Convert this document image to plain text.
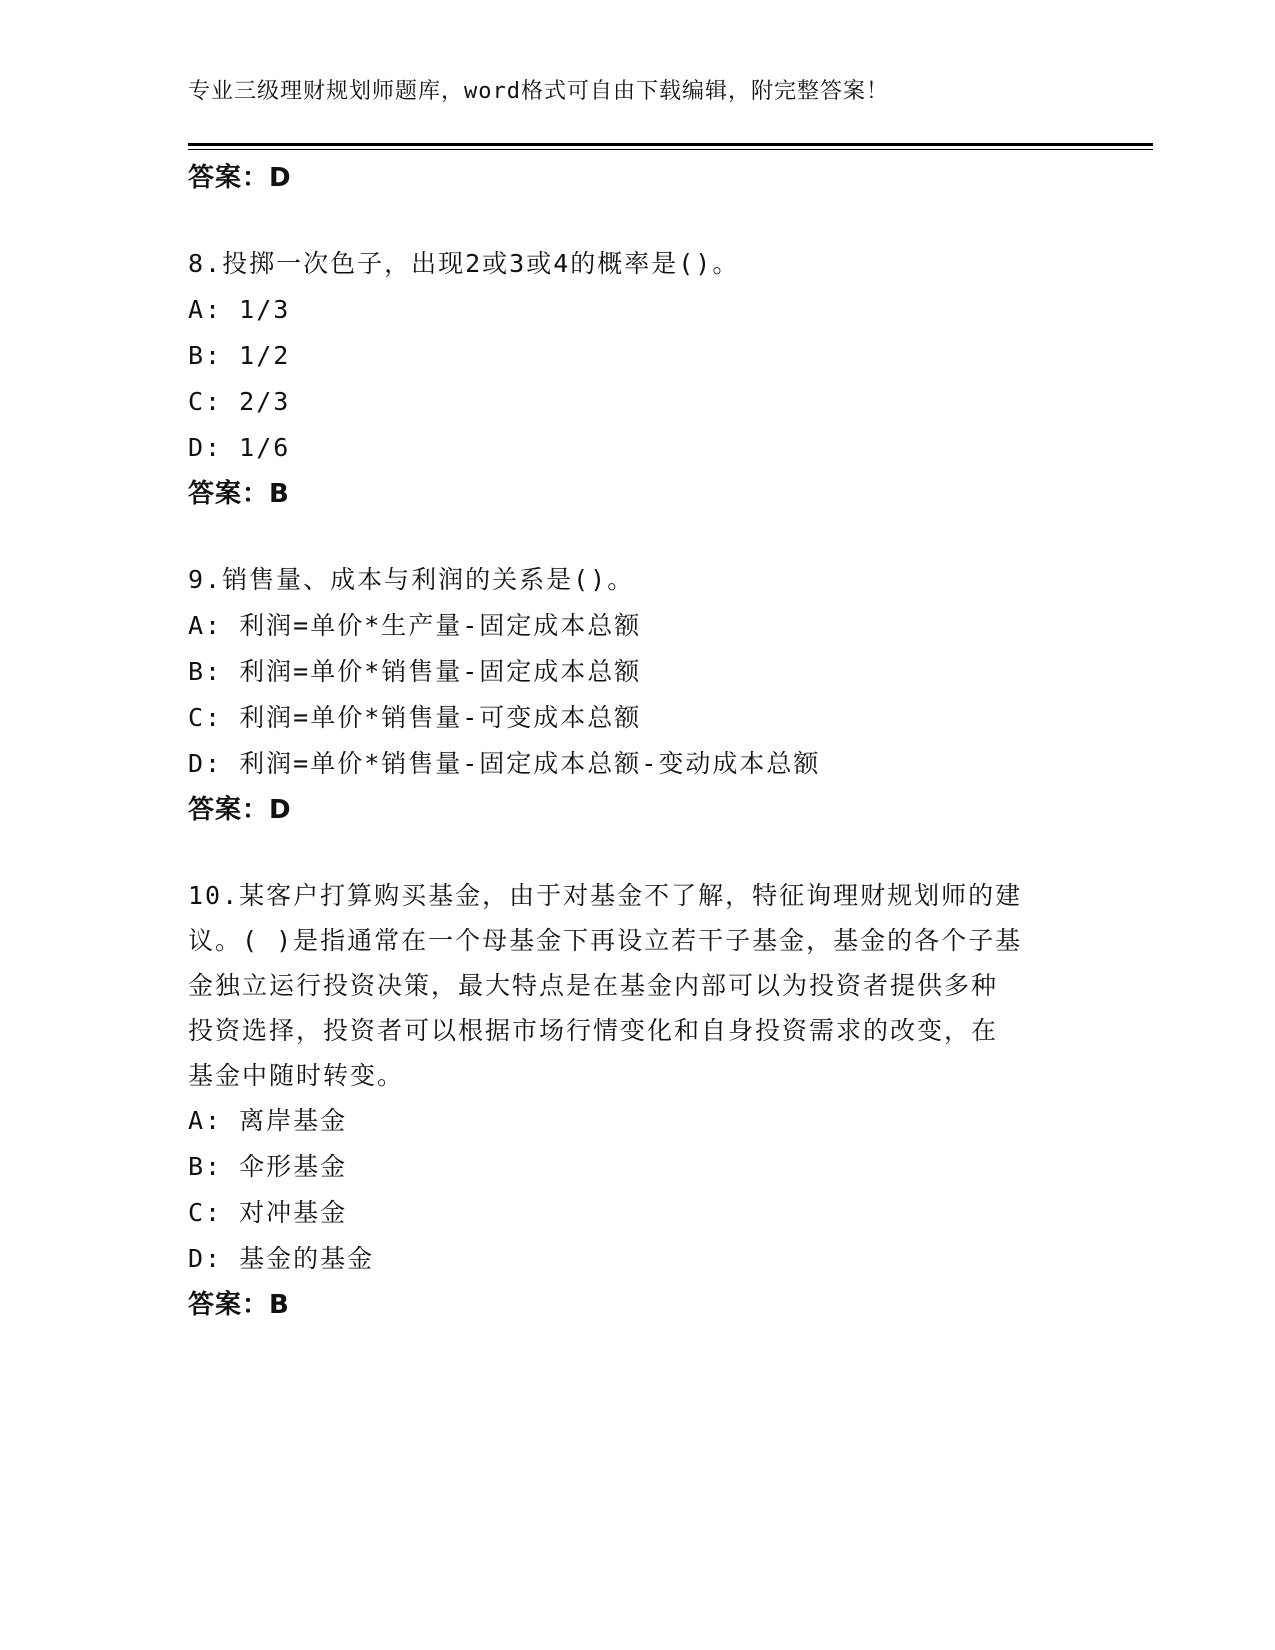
专业三级理财规划师题库，word格式可自由下载编辑，附完整答案！
答案：D
8.投掷一次色子，出现2或3或4的概率是()。
A: 1/3
B: 1/2
C: 2/3
D: 1/6
答案：B
9.销售量、成本与利润的关系是()。
A: 利润=单价*生产量-固定成本总额
B: 利润=单价*销售量-固定成本总额
C: 利润=单价*销售量-可变成本总额
D: 利润=单价*销售量-固定成本总额-变动成本总额
答案：D
10.某客户打算购买基金，由于对基金不了解，特征询理财规划师的建
议。( )是指通常在一个母基金下再设立若干子基金，基金的各个子基
金独立运行投资决策，最大特点是在基金内部可以为投资者提供多种
投资选择，投资者可以根据市场行情变化和自身投资需求的改变，在
基金中随时转变。
A: 离岸基金
B: 伞形基金
C: 对冲基金
D: 基金的基金
答案：B
